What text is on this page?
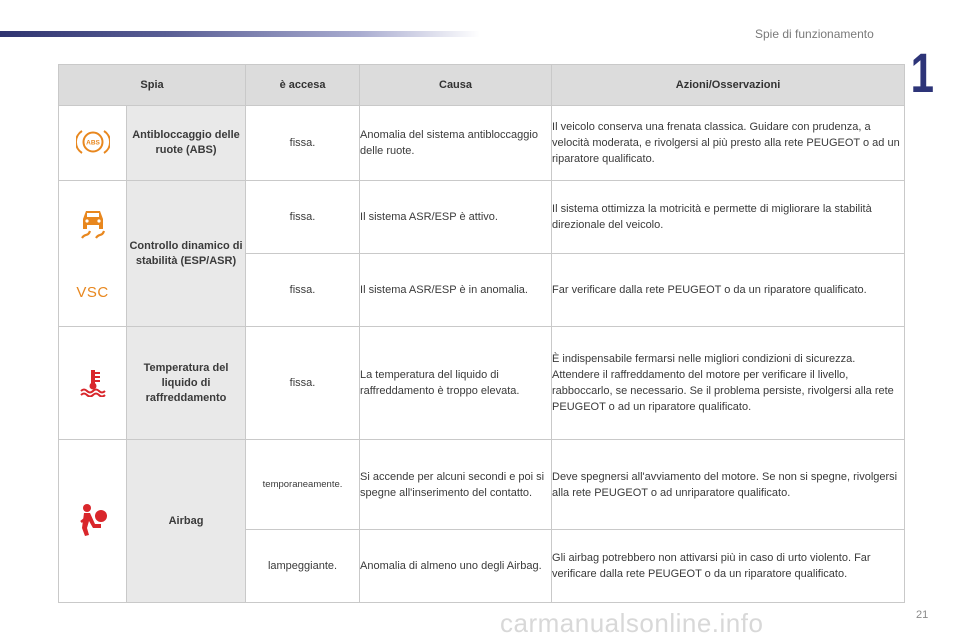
Spie di funzionamento
1
Spia		è accesa	Causa	Azioni/Osservazioni

ABS	Antibloccaggio delle ruote (ABS)	fissa.	Anomalia del sistema antibloccaggio delle ruote.	Il veicolo conserva una frenata classica. Guidare con prudenza, a velocità moderata, e rivolgersi al più presto alla rete PEUGEOT o ad un riparatore qualificato.

VSC	Controllo dinamico di stabilità (ESP/ASR)	fissa.	Il sistema ASR/ESP è attivo.	Il sistema ottimizza la motricità e permette di migliorare la stabilità direzionale del veicolo.
		fissa.	Il sistema ASR/ESP è in anomalia.	Far verificare dalla rete PEUGEOT o da un riparatore qualificato.
	Temperatura del liquido di raffreddamento	fissa.	La temperatura del liquido di raffreddamento è troppo elevata.	È indispensabile fermarsi nelle migliori condizioni di sicurezza. Attendere il raffreddamento del motore per verificare il livello, rabboccarlo, se necessario. Se il problema persiste, rivolgersi alla rete PEUGEOT o ad un riparatore qualificato.
	Airbag	temporaneamente.	Si accende per alcuni secondi e poi si spegne all'inserimento del contatto.	Deve spegnersi all'avviamento del motore. Se non si spegne, rivolgersi alla rete PEUGEOT o ad unriparatore qualificato.
		lampeggiante.	Anomalia di almeno uno degli Airbag.	Gli airbag potrebbero non attivarsi più in caso di urto violento. Far verificare dalla rete PEUGEOT o da un riparatore qualificato.
carmanualsonline.info	21
